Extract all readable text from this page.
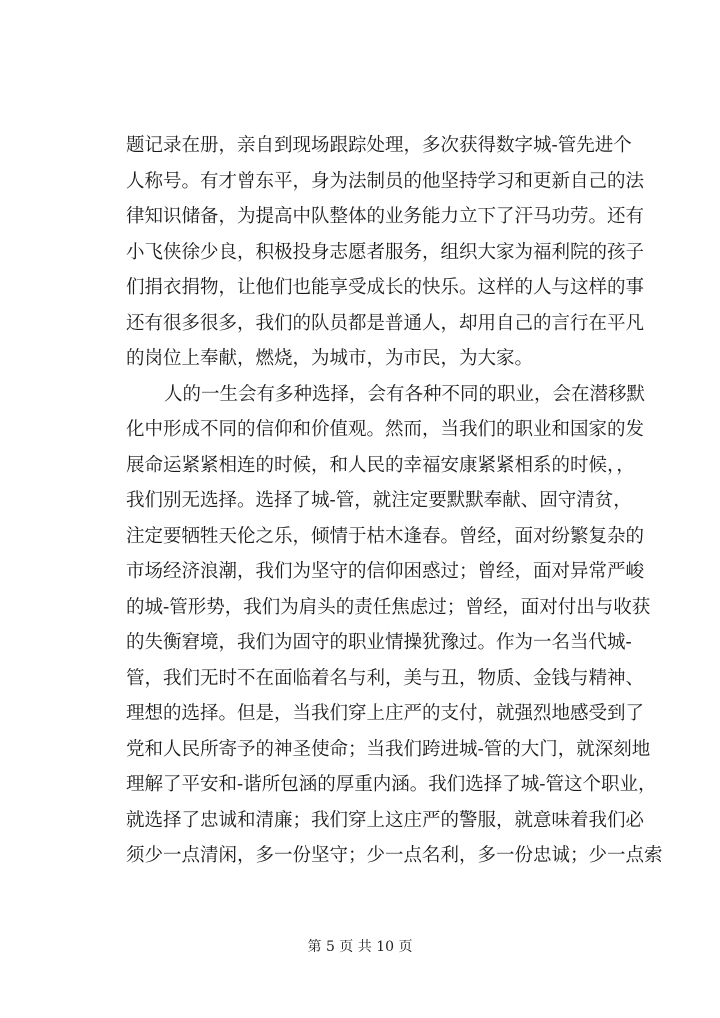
题记录在册，亲自到现场跟踪处理，多次获得数字城-管先进个
人称号。有才曾东平，身为法制员的他坚持学习和更新自己的法
律知识储备，为提高中队整体的业务能力立下了汗马功劳。还有
小飞侠徐少良，积极投身志愿者服务，组织大家为福利院的孩子
们捐衣捐物，让他们也能享受成长的快乐。这样的人与这样的事
还有很多很多，我们的队员都是普通人，却用自己的言行在平凡
的岗位上奉献，燃烧，为城市，为市民，为大家。
人的一生会有多种选择，会有各种不同的职业，会在潜移默
化中形成不同的信仰和价值观。然而，当我们的职业和国家的发
展命运紧紧相连的时候，和人民的幸福安康紧紧相系的时候，，
我们别无选择。选择了城-管，就注定要默默奉献、固守清贫，
注定要牺牲天伦之乐，倾情于枯木逢春。曾经，面对纷繁复杂的
市场经济浪潮，我们为坚守的信仰困惑过；曾经，面对异常严峻
的城-管形势，我们为肩头的责任焦虑过；曾经，面对付出与收获
的失衡窘境，我们为固守的职业情操犹豫过。作为一名当代城-
管，我们无时不在面临着名与利，美与丑，物质、金钱与精神、
理想的选择。但是，当我们穿上庄严的支付，就强烈地感受到了
党和人民所寄予的神圣使命；当我们跨进城-管的大门，就深刻地
理解了平安和-谐所包涵的厚重内涵。我们选择了城-管这个职业，
就选择了忠诚和清廉；我们穿上这庄严的警服，就意味着我们必
须少一点清闲，多一份坚守；少一点名利，多一份忠诚；少一点索
第 5 页 共 10 页
